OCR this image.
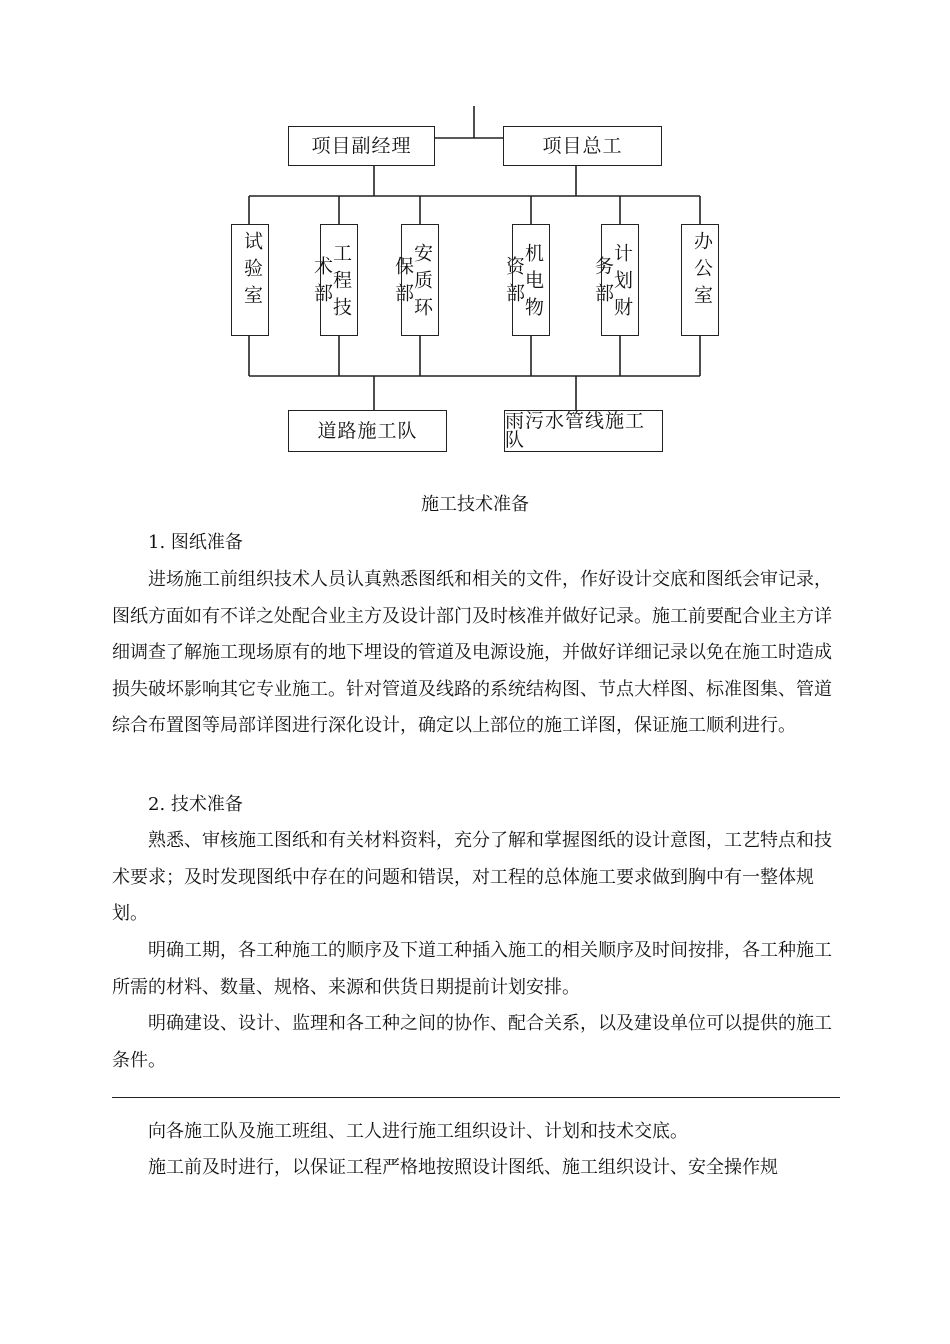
项目副经理	项目总工
试验室	工程技术部	安质环保部	机电物资部	计划财务部	办公室
道路施工队	雨污水管线施工队
施工技术准备
1. 图纸准备
进场施工前组织技术人员认真熟悉图纸和相关的文件，作好设计交底和图纸会审记录，图纸方面如有不详之处配合业主方及设计部门及时核准并做好记录。施工前要配合业主方详细调查了解施工现场原有的地下埋设的管道及电源设施，并做好详细记录以免在施工时造成损失破坏影响其它专业施工。针对管道及线路的系统结构图、节点大样图、标准图集、管道综合布置图等局部详图进行深化设计，确定以上部位的施工详图，保证施工顺利进行。
2. 技术准备
熟悉、审核施工图纸和有关材料资料，充分了解和掌握图纸的设计意图，工艺特点和技术要求；及时发现图纸中存在的问题和错误，对工程的总体施工要求做到胸中有一整体规划。
明确工期，各工种施工的顺序及下道工种插入施工的相关顺序及时间按排，各工种施工所需的材料、数量、规格、来源和供货日期提前计划安排。
明确建设、设计、监理和各工种之间的协作、配合关系，以及建设单位可以提供的施工条件。
向各施工队及施工班组、工人进行施工组织设计、计划和技术交底。
施工前及时进行，以保证工程严格地按照设计图纸、施工组织设计、安全操作规
